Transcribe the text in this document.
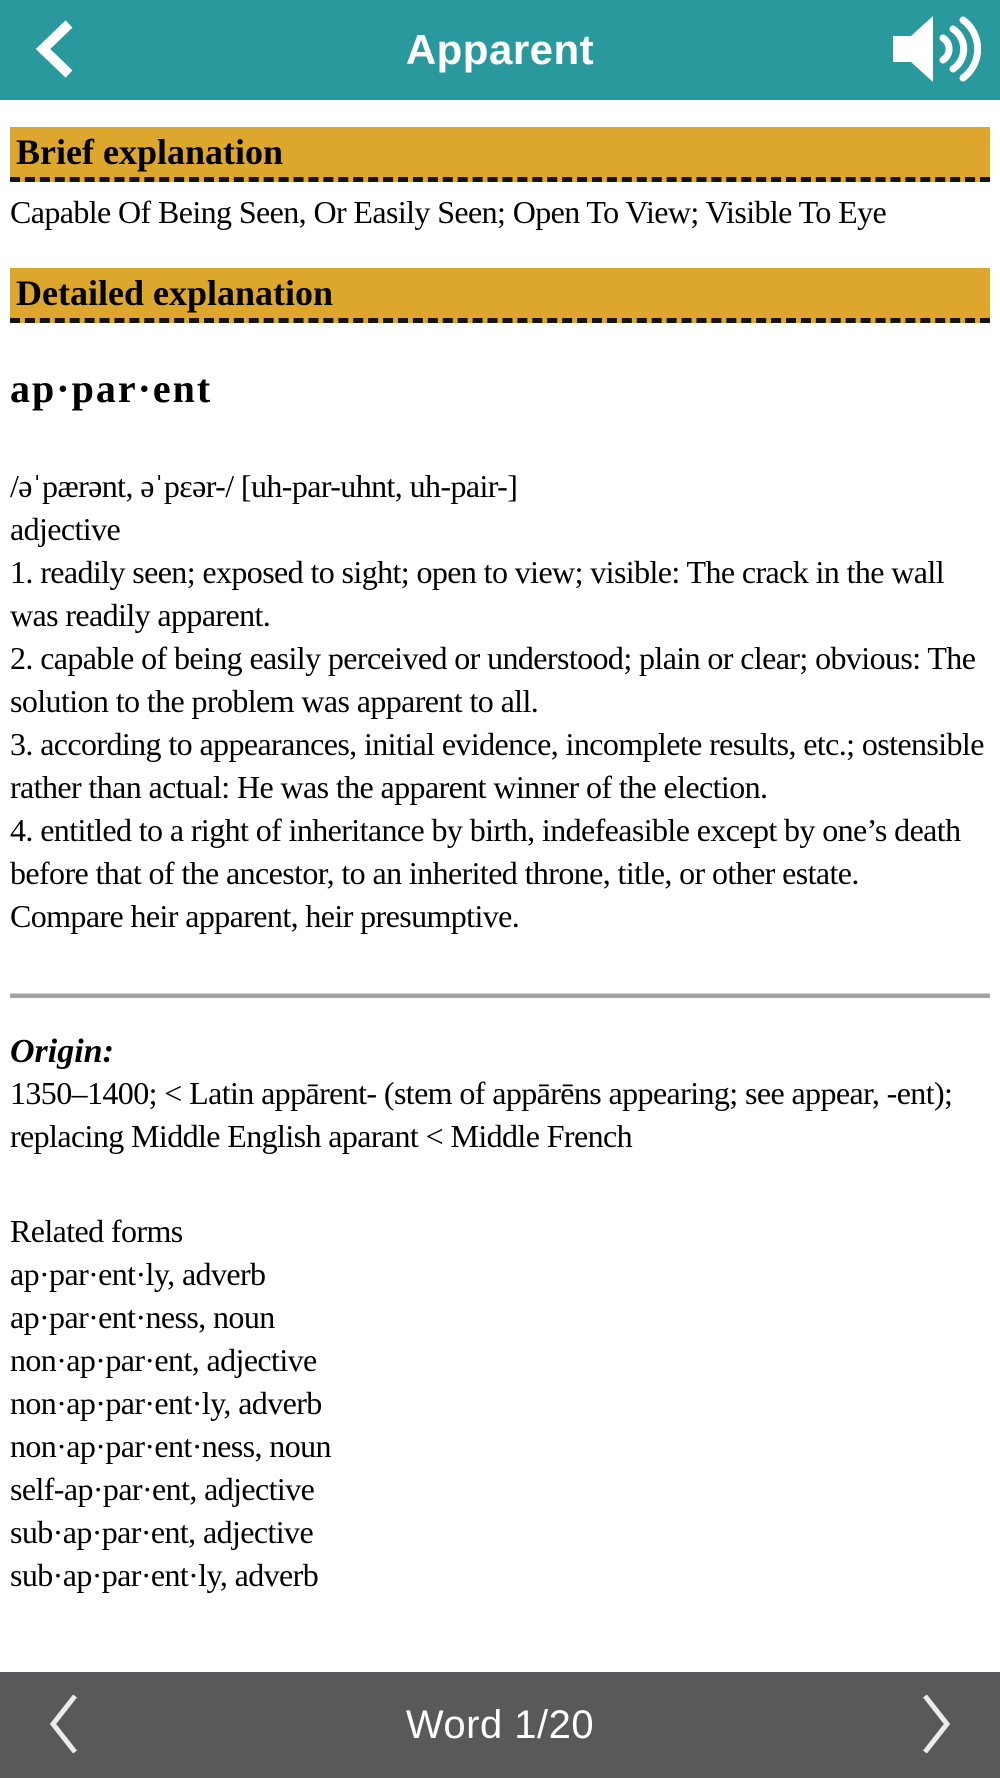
Apparent
Brief explanation

Capable Of Being Seen, Or Easily Seen; Open To View; Visible To Eye

Detailed explanation
ap·par·ent

/əˈpærənt, əˈpɛər-/ [uh-par-uhnt, uh-pair-]

adjective

1. readily seen; exposed to sight; open to view; visible: The crack in the wall was readily apparent.

2. capable of being easily perceived or understood; plain or clear; obvious: The solution to the problem was apparent to all.

3. according to appearances, initial evidence, incomplete results, etc.; ostensible rather than actual: He was the apparent winner of the election.

4. entitled to a right of inheritance by birth, indefeasible except by one’s death before that of the ancestor, to an inherited throne, title, or other estate.

Compare heir apparent, heir presumptive.

Origin:

1350–1400; < Latin appārent- (stem of appārēns appearing; see appear, -ent); replacing Middle English aparant < Middle French

Related forms

ap·par·ent·ly, adverb

ap·par·ent·ness, noun

non·ap·par·ent, adjective

non·ap·par·ent·ly, adverb

non·ap·par·ent·ness, noun

self-ap·par·ent, adjective

sub·ap·par·ent, adjective

sub·ap·par·ent·ly, adverb

Word 1/20
